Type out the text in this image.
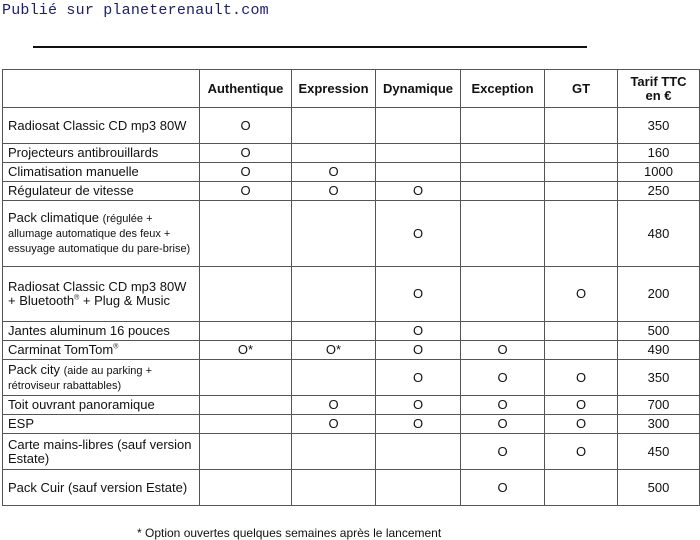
Publié sur planeterenault.com
	Authentique	Expression	Dynamique	Exception	GT	Tarif TTC
en €
Radiosat Classic CD mp3 80W	O					350
Projecteurs antibrouillards	O					160
Climatisation manuelle	O	O				1000
Régulateur de vitesse	O	O	O			250
Pack climatique (régulée + allumage automatique des feux + essuyage automatique du pare-brise)			O			480
Radiosat Classic CD mp3 80W + Bluetooth® + Plug & Music			O		O	200
Jantes aluminum 16 pouces			O			500
Carminat TomTom®	O*	O*	O	O		490
Pack city (aide au parking + rétroviseur rabattables)			O	O	O	350
Toit ouvrant panoramique		O	O	O	O	700
ESP		O	O	O	O	300
Carte mains-libres (sauf version Estate)				O	O	450
Pack Cuir (sauf version Estate)				O		500
* Option ouvertes quelques semaines après le lancement
